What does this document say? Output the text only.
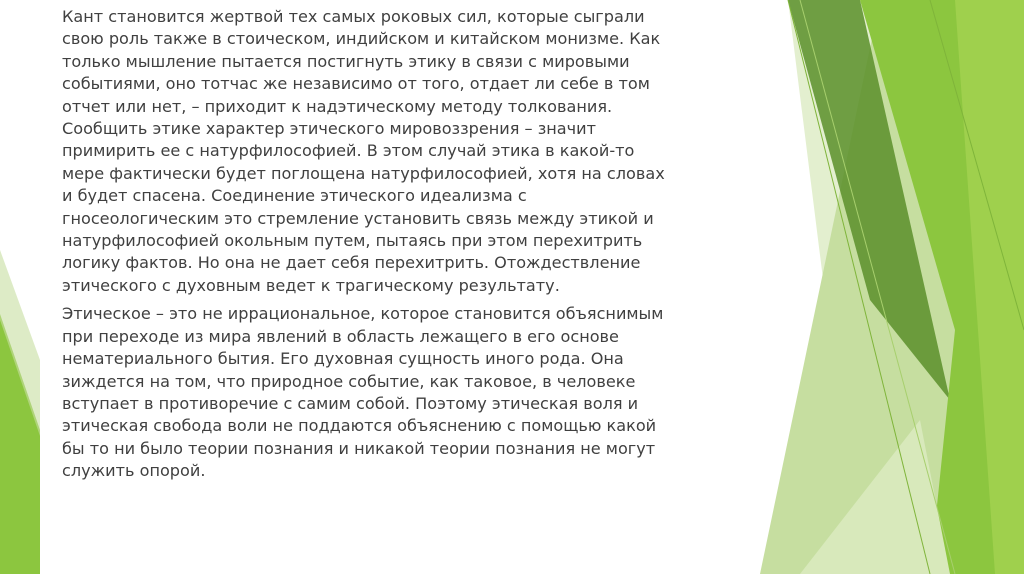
Кант становится жертвой тех самых роковых сил, которые сыграли
свою роль также в стоическом, индийском и китайском монизме. Как
только мышление пытается постигнуть этику в связи с мировыми
событиями, оно тотчас же независимо от того, отдает ли себе в том
отчет или нет, – приходит к надэтическому методу толкования.
Сообщить этике характер этического мировоззрения – значит
примирить ее с натурфилософией. В этом случай этика в какой-то
мере фактически будет поглощена натурфилософией, хотя на словах
и будет спасена. Соединение этического идеализма с
гносеологическим это стремление установить связь между этикой и
натурфилософией окольным путем, пытаясь при этом перехитрить
логику фактов. Но она не дает себя перехитрить. Отождествление
этического с духовным ведет к трагическому результату.

Этическое – это не иррациональное, которое становится объяснимым
при переходе из мира явлений в область лежащего в его основе
нематериального бытия. Его духовная сущность иного рода. Она
зиждется на том, что природное событие, как таковое, в человеке
вступает в противоречие с самим собой. Поэтому этическая воля и
этическая свобода воли не поддаются объяснению с помощью какой
бы то ни было теории познания и никакой теории познания не могут
служить опорой.
